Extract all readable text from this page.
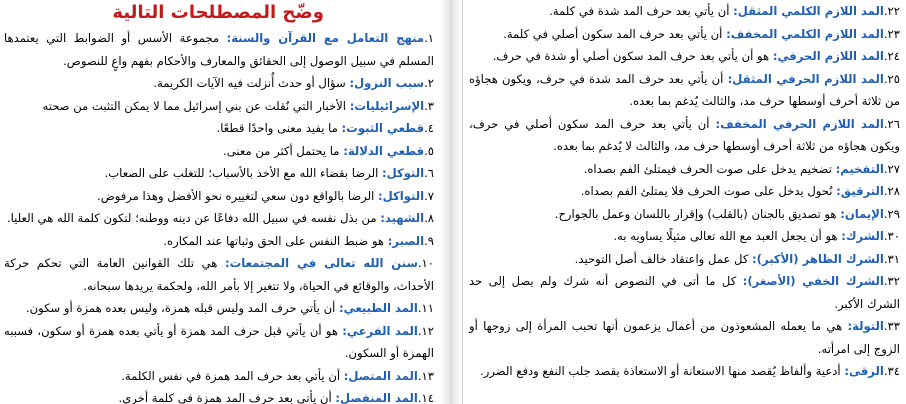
وضّح المصطلحات التالية

١.منهج التعامل مع القرآن والسنة: مجموعة الأسس أو الضوابط التي يعتمدها المسلم في سبيل الوصول إلى الحقائق والمعارف والأحكام بفهم واعٍ للنصوص.

٢.سبب النزول: سؤال أو حدث أُنزلت فيه الآيات الكريمة.

٣.الإسرائيليات: الأخبار التي نُقلت عن بني إسرائيل مما لا يمكن التثبت من صحته

٤.قطعي الثبوت: ما يفيد معنى واحدًا قطعًا.

٥.قطعي الدلالة: ما يحتمل أكثر من معنى.

٦.التوكل: الرضا بقضاء الله مع الأخذ بالأسباب؛ للتغلب على الصعاب.

٧.التواكل: الرضا بالواقع دون سعي لتغييره نحو الأفضل وهذا مرفوض.

٨.الشهيد: من بذل نفسه في سبيل الله دفاعًا عن دينه ووطنه؛ لتكون كلمة الله هي العليا.

٩.الصبر: هو ضبط النفس على الحق وثباتها عند المكاره.

١٠.سنن الله تعالى في المجتمعات: هي تلك القوانين العامة التي تحكم حركة الأحداث، والوقائع في الحياة، ولا تتغير إلا بأمر الله، ولحكمة يريدها سبحانه.

١١.المد الطبيعي: أن يأتي حرف المد وليس قبله همزة، وليس بعده همزة أو سكون.

١٢.المد الفرعي: هو أن يأتي قبل حرف المد همزة أو يأتي بعده همزة أو سكون، فسببه الهمزة أو السكون.

١٣.المد المتصل: أن يأتي بعد حرف المد همزة في نفس الكلمة.

١٤.المد المنفصل: أن يأتي بعد حرف المد همزة في كلمة أخرى.

٢٢.المد اللازم الكلمي المثقل: أن يأتي بعد حرف المد شدة في كلمة.

٢٣.المد اللازم الكلمي المخفف: أن يأتي بعد حرف المد سكون أصلي في كلمة.

٢٤.المد اللازم الحرفي: هو أن يأتي بعد حرف المد سكون أصلي أو شدة في حرف.

٢٥.المد اللازم الحرفي المثقل: أن يأتي بعد حرف المد شدة في حرف، ويكون هجاؤه من ثلاثة أحرف أوسطها حرف مد، والثالث يُدغم بما بعده.

٢٦.المد اللازم الحرفي المخفف: أن يأتي بعد حرف المد سكون أصلي في حرف، ويكون هجاؤه من ثلاثة أحرف أوسطها حرف مد، والثالث لا يُدغم بما بعده.

٢٧.التفخيم: تضخيم يدخل على صوت الحرف فيمتلئ الفم بصداه.

٢٨.الترقيق: نُحول يدخل على صوت الحرف فلا يمتلئ الفم بصداه.

٢٩.الإيمان: هو تصديق بالجنان (بالقلب) وإقرار باللسان وعمل بالجوارح.

٣٠.الشرك: هو أن يجعل العبد مع الله تعالى مثيلًا يساويه به.

٣١.الشرك الظاهر (الأكبر): كل عمل واعتقاد خالف أصل التوحيد.

٣٢.الشرك الخفي (الأصغر): كل ما أتى في النصوص أنه شرك ولم يصل إلى حد الشرك الأكبر.

٣٣.التولة: هي ما يعمله المشعوذون من أعمال يزعمون أنها تحبب المرأة إلى زوجها أو الزوج إلى امرأته.

٣٤.الرقى: أدعية وألفاظ يُقصد منها الاستعانة أو الاستعاذة بقصد جلب النفع ودفع الضرر.
